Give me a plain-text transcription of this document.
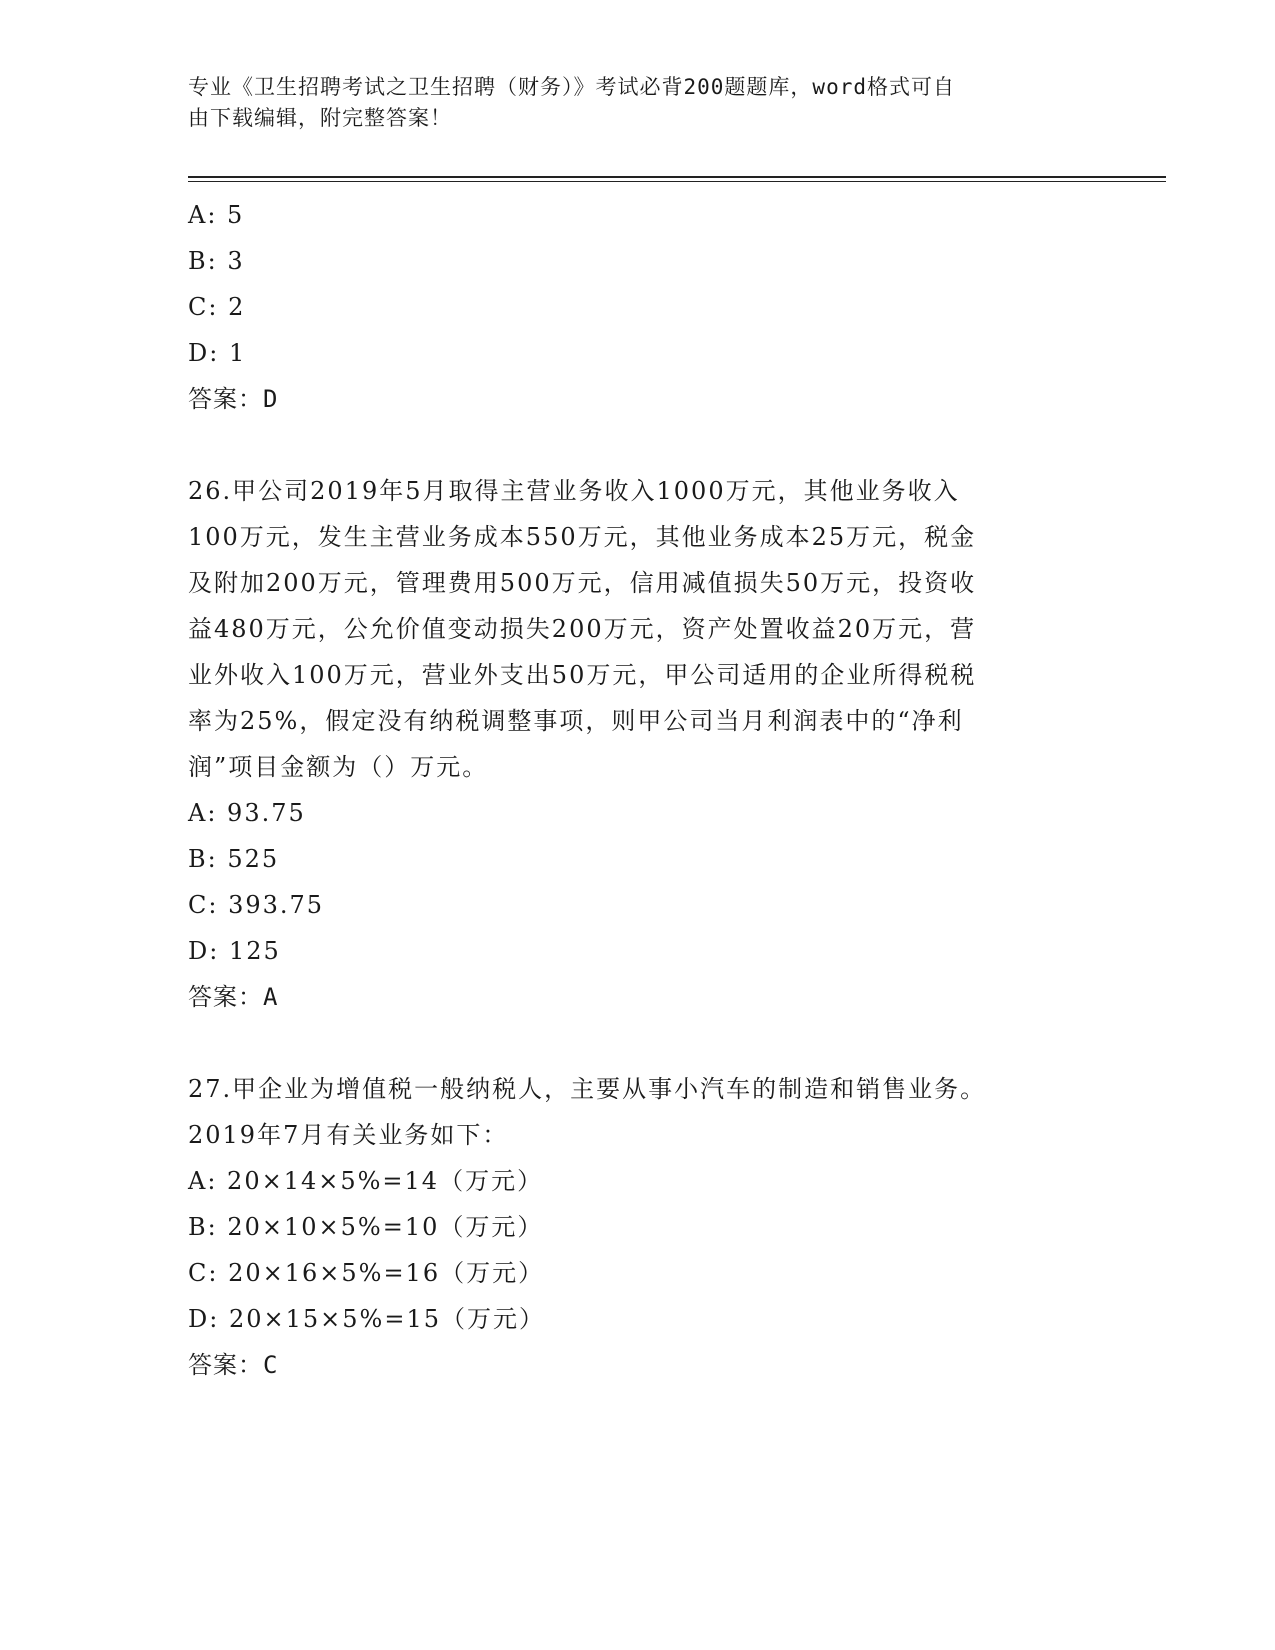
专业《卫生招聘考试之卫生招聘（财务）》考试必背200题题库，word格式可自
由下载编辑，附完整答案！
A: 5
B: 3
C: 2
D: 1
答案：D
26.甲公司2019年5月取得主营业务收入1000万元，其他业务收入
100万元，发生主营业务成本550万元，其他业务成本25万元，税金
及附加200万元，管理费用500万元，信用减值损失50万元，投资收
益480万元，公允价值变动损失200万元，资产处置收益20万元，营
业外收入100万元，营业外支出50万元，甲公司适用的企业所得税税
率为25%，假定没有纳税调整事项，则甲公司当月利润表中的“净利
润”项目金额为（）万元。
A: 93.75
B: 525
C: 393.75
D: 125
答案：A
27.甲企业为增值税一般纳税人，主要从事小汽车的制造和销售业务。
2019年7月有关业务如下：
A: 20×14×5%=14（万元）
B: 20×10×5%=10（万元）
C: 20×16×5%=16（万元）
D: 20×15×5%=15（万元）
答案：C
